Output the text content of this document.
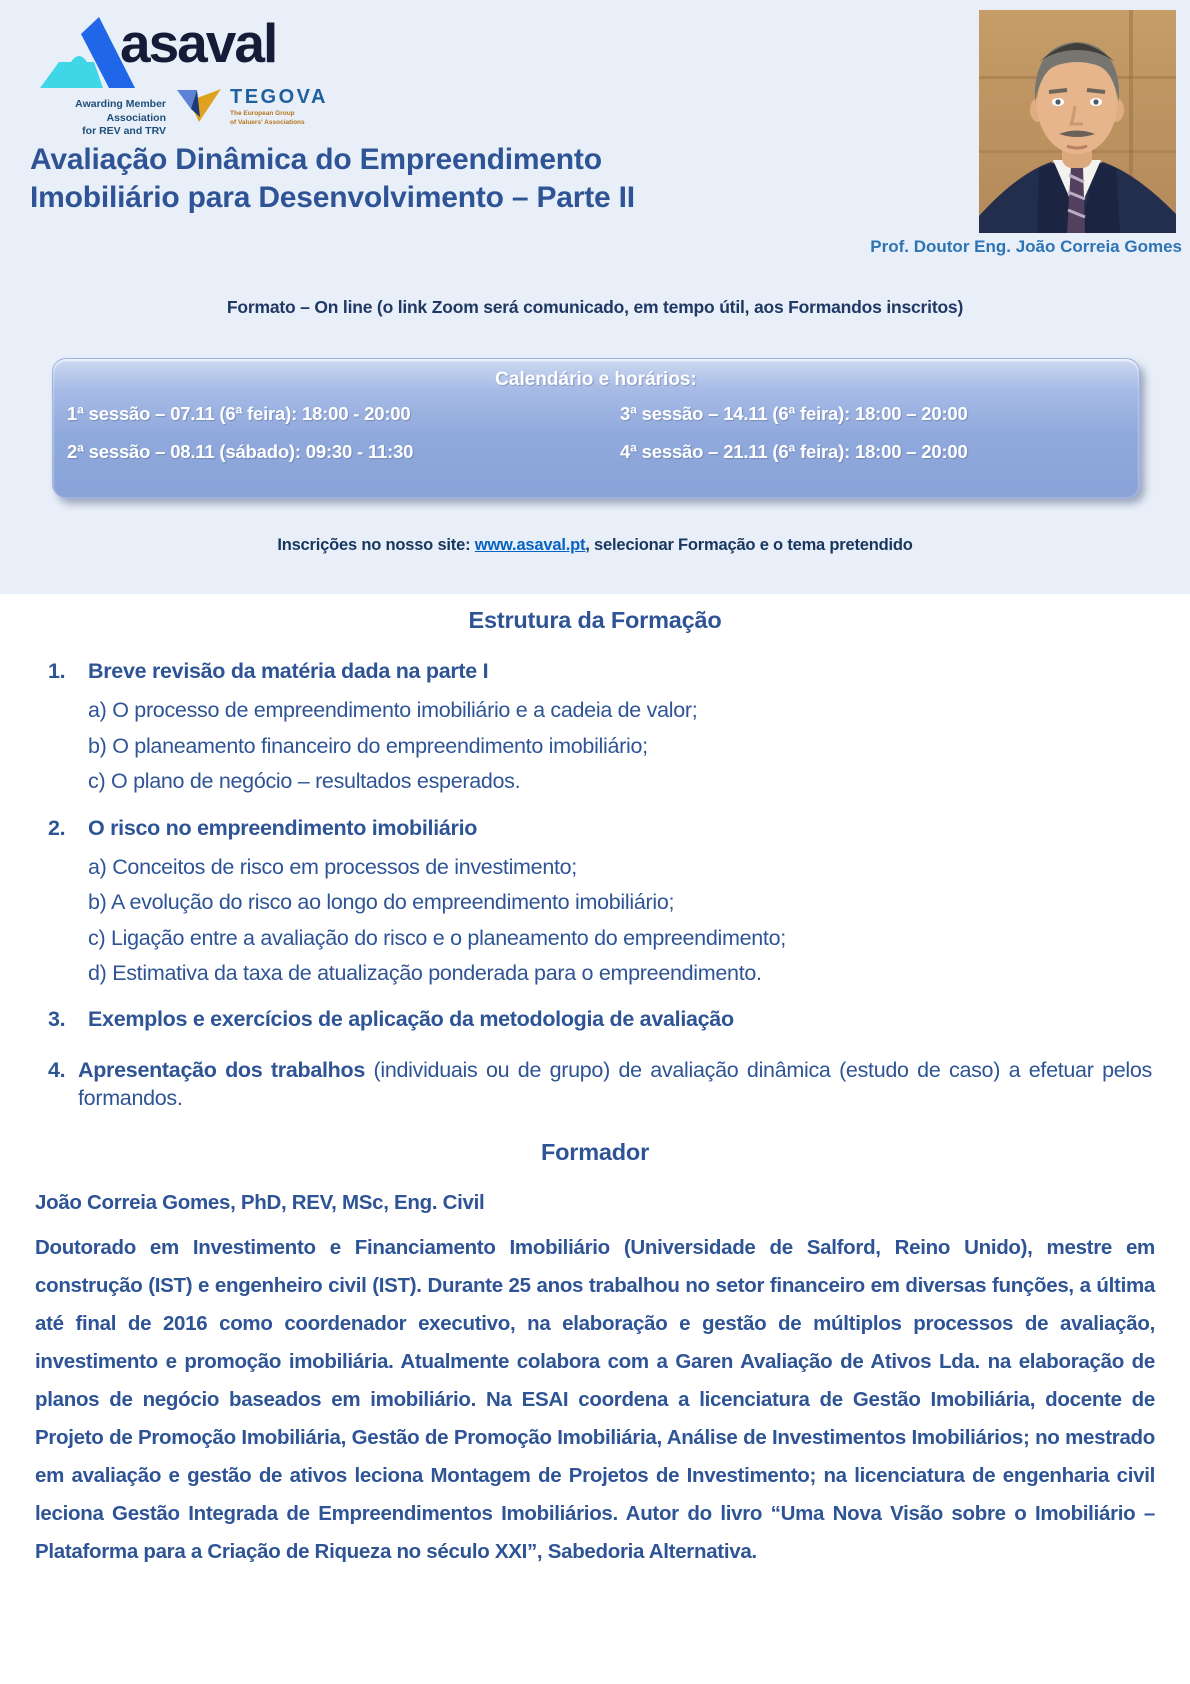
asaval
Awarding Member Association
for REV and TRV
TEGOVA
The European Group
of Valuers' Associations
Avaliação Dinâmica do Empreendimento
Imobiliário para Desenvolvimento – Parte II
Prof. Doutor Eng. João Correia Gomes
Formato – On line (o link Zoom será comunicado, em tempo útil, aos Formandos inscritos)
Calendário e horários:
1ª sessão – 07.11 (6ª feira): 18:00 - 20:00	3ª sessão – 14.11 (6ª feira): 18:00 – 20:00
2ª sessão – 08.11 (sábado): 09:30 - 11:30	4ª sessão – 21.11 (6ª feira): 18:00 – 20:00
Inscrições no nosso site: www.asaval.pt, selecionar Formação e o tema pretendido
Estrutura da Formação
1. Breve revisão da matéria dada na parte I
a) O processo de empreendimento imobiliário e a cadeia de valor;
b) O planeamento financeiro do empreendimento imobiliário;
c) O plano de negócio – resultados esperados.
2. O risco no empreendimento imobiliário
a) Conceitos de risco em processos de investimento;
b) A evolução do risco ao longo do empreendimento imobiliário;
c) Ligação entre a avaliação do risco e o planeamento do empreendimento;
d) Estimativa da taxa de atualização ponderada para o empreendimento.
3. Exemplos e exercícios de aplicação da metodologia de avaliação
4. Apresentação dos trabalhos (individuais ou de grupo) de avaliação dinâmica (estudo de caso) a efetuar pelos formandos.
Formador
João Correia Gomes, PhD, REV, MSc, Eng. Civil
Doutorado em Investimento e Financiamento Imobiliário (Universidade de Salford, Reino Unido), mestre em construção (IST) e engenheiro civil (IST). Durante 25 anos trabalhou no setor financeiro em diversas funções, a última até final de 2016 como coordenador executivo, na elaboração e gestão de múltiplos processos de avaliação, investimento e promoção imobiliária. Atualmente colabora com a Garen Avaliação de Ativos Lda. na elaboração de planos de negócio baseados em imobiliário. Na ESAI coordena a licenciatura de Gestão Imobiliária, docente de Projeto de Promoção Imobiliária, Gestão de Promoção Imobiliária, Análise de Investimentos Imobiliários; no mestrado em avaliação e gestão de ativos leciona Montagem de Projetos de Investimento; na licenciatura de engenharia civil leciona Gestão Integrada de Empreendimentos Imobiliários. Autor do livro “Uma Nova Visão sobre o Imobiliário – Plataforma para a Criação de Riqueza no século XXI”, Sabedoria Alternativa.
